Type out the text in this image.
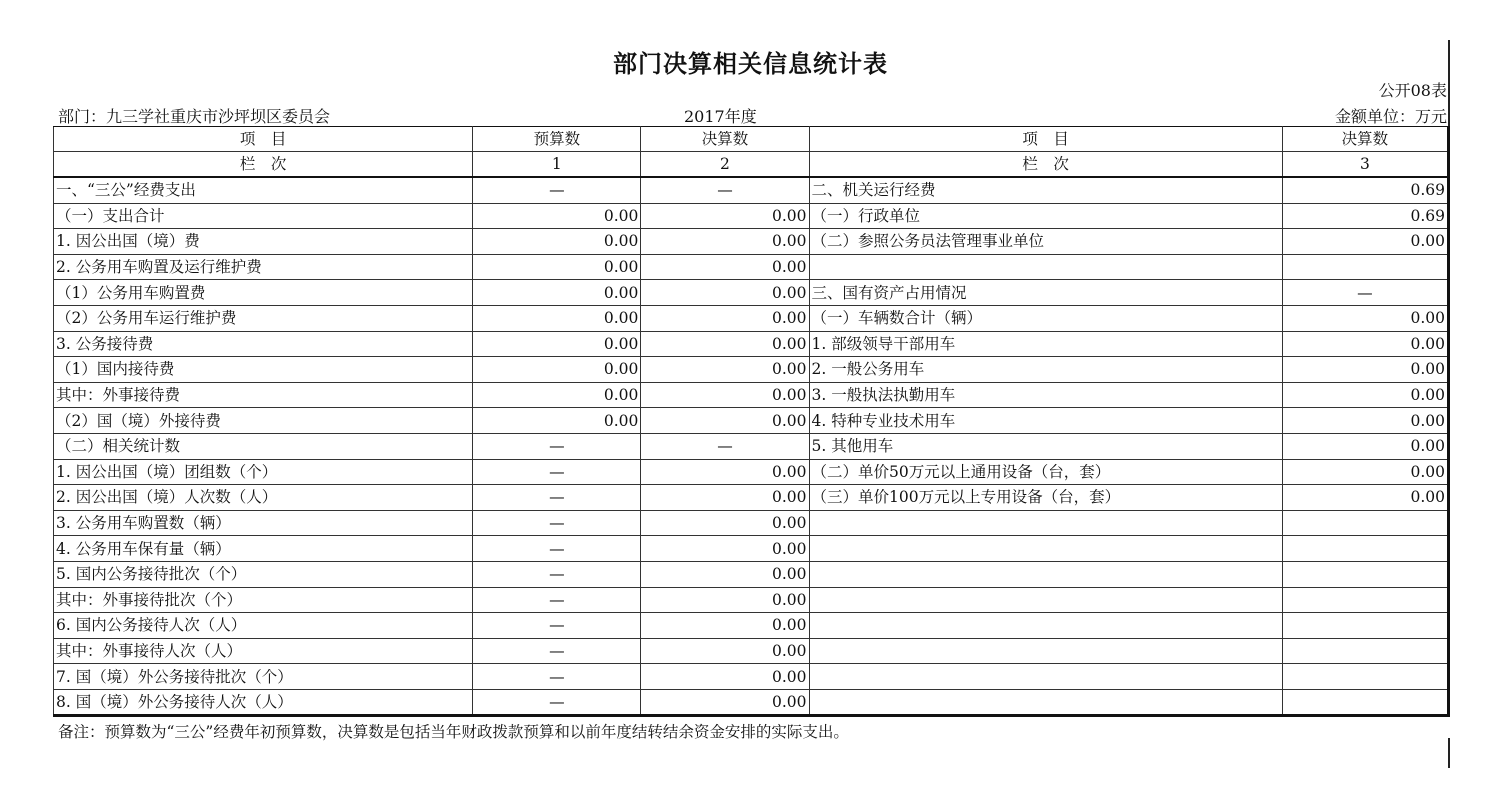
部门决算相关信息统计表
公开08表
部门：九三学社重庆市沙坪坝区委员会	2017年度	金额单位：万元
项　目	预算数	决算数	项　目	决算数
栏　次	1	2	栏　次	3
一、“三公”经费支出	—	—	二、机关运行经费	0.69
（一）支出合计	0.00	0.00	（一）行政单位	0.69
1. 因公出国（境）费	0.00	0.00	（二）参照公务员法管理事业单位	0.00
2. 公务用车购置及运行维护费	0.00	0.00		
（1）公务用车购置费	0.00	0.00	三、国有资产占用情况	—
（2）公务用车运行维护费	0.00	0.00	（一）车辆数合计（辆）	0.00
3. 公务接待费	0.00	0.00	1. 部级领导干部用车	0.00
（1）国内接待费	0.00	0.00	2. 一般公务用车	0.00
其中：外事接待费	0.00	0.00	3. 一般执法执勤用车	0.00
（2）国（境）外接待费	0.00	0.00	4. 特种专业技术用车	0.00
（二）相关统计数	—	—	5. 其他用车	0.00
1. 因公出国（境）团组数（个）	—	0.00	（二）单价50万元以上通用设备（台，套）	0.00
2. 因公出国（境）人次数（人）	—	0.00	（三）单价100万元以上专用设备（台，套）	0.00
3. 公务用车购置数（辆）	—	0.00		
4. 公务用车保有量（辆）	—	0.00		
5. 国内公务接待批次（个）	—	0.00		
其中：外事接待批次（个）	—	0.00		
6. 国内公务接待人次（人）	—	0.00		
其中：外事接待人次（人）	—	0.00		
7. 国（境）外公务接待批次（个）	—	0.00		
8. 国（境）外公务接待人次（人）	—	0.00		
备注：预算数为“三公”经费年初预算数，决算数是包括当年财政拨款预算和以前年度结转结余资金安排的实际支出。
